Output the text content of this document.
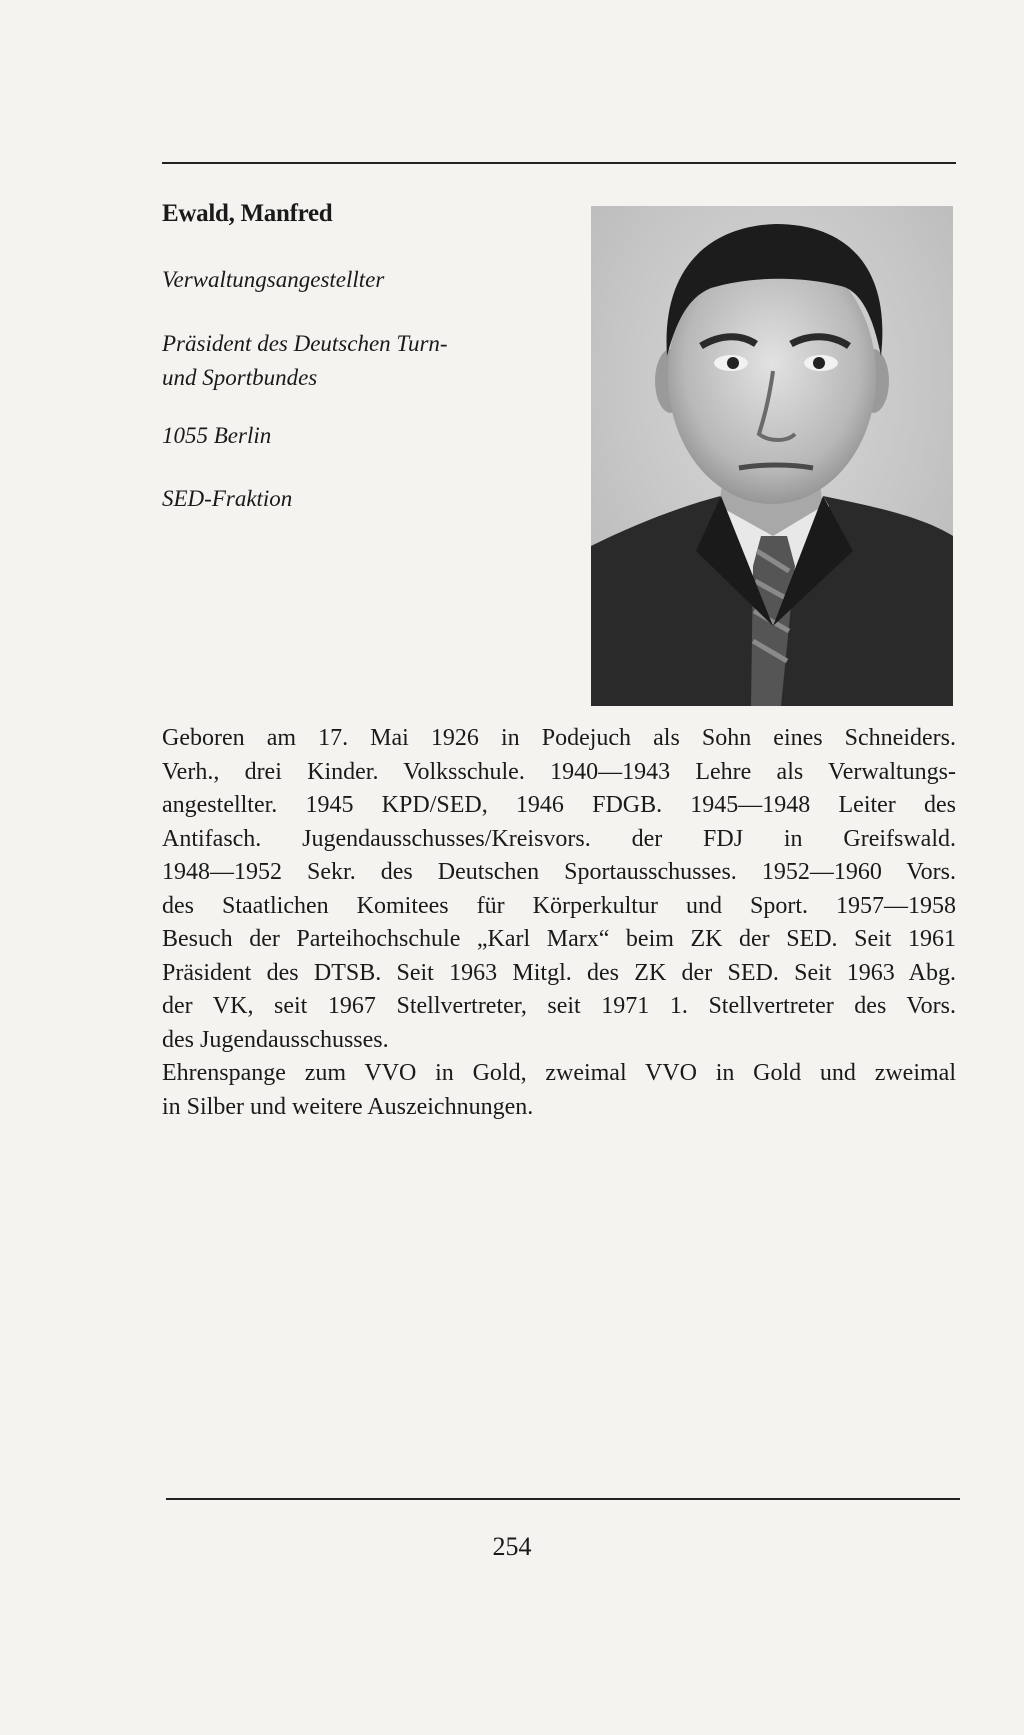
Ewald, Manfred
Verwaltungsangestellter
Präsident des Deutschen Turn-
und Sportbundes
1055 Berlin
SED-Fraktion
Geboren am 17. Mai 1926 in Podejuch als Sohn eines Schneiders.
Verh., drei Kinder. Volksschule. 1940—1943 Lehre als Verwaltungs-
angestellter. 1945 KPD/SED, 1946 FDGB. 1945—1948 Leiter des
Antifasch. Jugendausschusses/Kreisvors. der FDJ in Greifswald.
1948—1952 Sekr. des Deutschen Sportausschusses. 1952—1960 Vors.
des Staatlichen Komitees für Körperkultur und Sport. 1957—1958
Besuch der Parteihochschule „Karl Marx“ beim ZK der SED. Seit 1961
Präsident des DTSB. Seit 1963 Mitgl. des ZK der SED. Seit 1963 Abg.
der VK, seit 1967 Stellvertreter, seit 1971 1. Stellvertreter des Vors.
des Jugendausschusses.
Ehrenspange zum VVO in Gold, zweimal VVO in Gold und zweimal
in Silber und weitere Auszeichnungen.
254
